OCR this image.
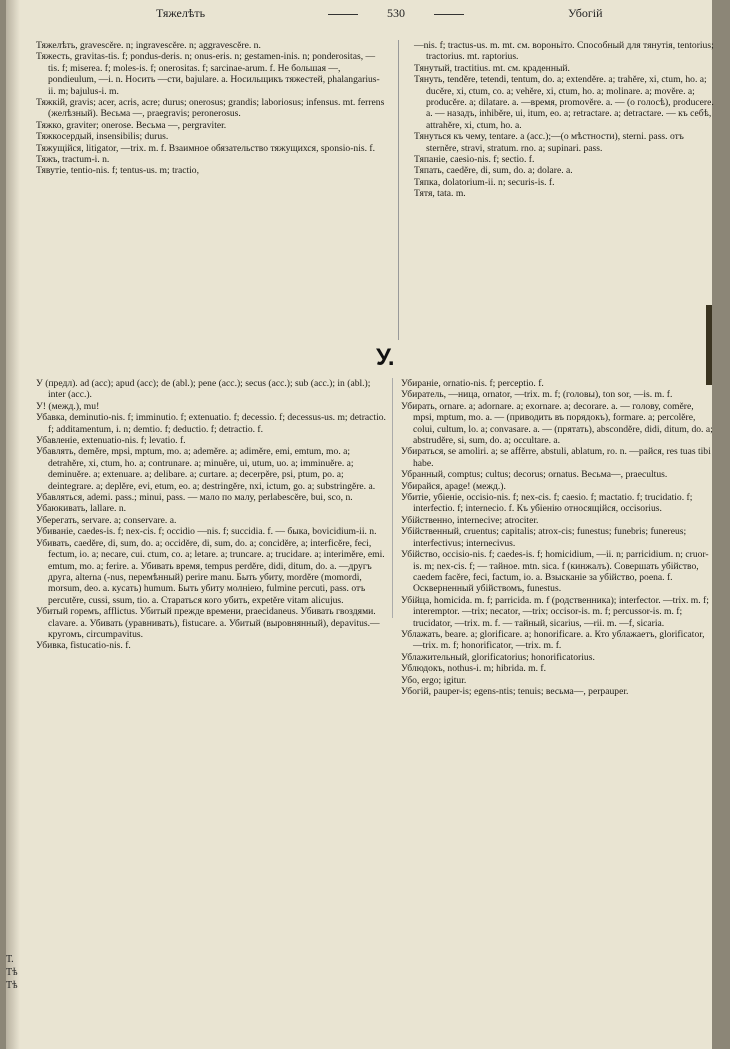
Тяжелѣть	530	Убогій

Тяжелѣть, gravescĕre. n; ingravescĕre. n; aggravescĕre. n.

Тяжесть, gravitas-tis. f; pondus-deris. n; onus-eris. n; gestamen-inis. n; ponderositas, —tis. f; miserea. f; moles-is. f; onerositas. f; sarcinae-arum. f. Не большая —, pondieulum, —i. n. Носить —сти, bajulare. a. Носильщикъ тяжестей, phalangarius-ii. m; bajulus-i. m.

Тяжкій, gravis; acer, acris, acre; durus; onerosus; grandis; laboriosus; infensus. mt. ferrens (желѣзный). Весьма —, praegravis; peronerosus.

Тяжко, graviter; onerose. Весьма —, pergraviter.

Тяжкосердый, insensibilis; durus.

Тяжущійся, litigator, —trix. m. f. Взаимное обязательство тяжущихся, sponsio-nis. f.

Тяжъ, tractum-i. n.

Тявутіе, tentio-nis. f; tentus-us. m; tractio,

—nis. f; tractus-us. m. mt. см. вороньіто. Способный для тянутія, tentorius; tractorius. mt. raptorius.

Тянутый, tractitius. mt. см. краденный.

Тянуть, tendĕre, tetendi, tentum, do. a; extendĕre. a; trahĕre, xi, ctum, ho. a; ducĕre, xi, ctum, co. a; vehĕre, xi, ctum, ho. a; molinare. a; movĕre. a; producĕre. a; dilatare. a. —время, promovĕre. a. — (о голосѣ), producere. a. — назадъ, inhibĕre, ui, itum, eo. a; retractare. a; detractare. — къ себѣ, attrahĕre, xi, ctum, ho. a.

Тянуться къ чему, tentare. a (acc.);—(о мѣстности), sterni. pass. отъ sternĕre, stravi, stratum. rno. a; supinari. pass.

Тяпаніе, caesio-nis. f; sectio. f.

Тяпать, caedĕre, di, sum, do. a; dolare. a.

Тяпка, dolatorium-ii. n; securis-is. f.

Тятя, tata. m.

У.

У (предл). ad (acc); apud (acc); de (abl.); pene (acc.); secus (acc.); sub (acc.); in (abl.); inter (acc.).

У! (межд.), mu!

Убавка, deminutio-nis. f; imminutio. f; extenuatio. f; decessio. f; decessus-us. m; detractio. f; additamentum, i. n; demtio. f; deductio. f; detractio. f.

Убавленіе, extenuatio-nis. f; levatio. f.

Убавлять, demĕre, mpsi, mptum, mo. a; ademĕre. a; adimĕre, emi, emtum, mo. a; detrahĕre, xi, ctum, ho. a; contrunare. a; minuĕre, ui, utum, uo. a; imminuĕre. a; deminuĕre. a; extenuare. a; delibare. a; curtare. a; decerpĕre, psi, ptum, po. a; deintegrare. a; deplĕre, evi, etum, eo. a; destringĕre, nxi, ictum, go. a; substringĕre. a.

Убавляться, ademi. pass.; minui, pass. — мало по малу, perlabescĕre, bui, sco, n.

Убаюкивать, lallare. n.

Уберегать, servare. a; conservare. a.

Убиваніе, caedes-is. f; nex-cis. f; occidio —nis. f; succidia. f. — быка, bovicidium-ii. n.

Убивать, caedĕre, di, sum, do. a; occidĕre, di, sum, do. a; concidĕre, a; interficĕre, feci, fectum, io. a; necare, cui. ctum, co. a; letare. a; truncare. a; trucidare. a; interimĕre, emi. emtum, mo. a; ferire. a. Убивать время, tempus perdĕre, didi, ditum, do. a. —другъ друга, alterna (-nus, перемѣнный) perire manu. Быть убиту, mordĕre (momordi, morsum, deo. a. кусать) humum. Быть убиту молніею, fulmine percuti, pass. отъ percutĕre, cussi, ssum, tio. a. Стараться кого убить, expetĕre vitam alicujus.

Убитый горемъ, afflictus. Убитый прежде времени, praecidaneus. Убивать гвоздями. clavare. a. Убивать (уравнивать), fistucare. a. Убитый (выровнянный), depavitus.—кругомъ, circumpavitus.

Убивка, fistucatio-nis. f.

Убираніе, ornatio-nis. f; perceptio. f.

Убиратель, —ница, ornator, —trix. m. f; (головы), ton sor, —is. m. f.

Убирать, ornare. a; adornare. a; exornare. a; decorare. a. — голову, comĕre, mpsi, mptum, mo. a. — (приводить въ порядокъ), formare. a; percolĕre, colui, cultum, lo. a; convasare. a. — (прятать), abscondĕre, didi, ditum, do. a; abstrudĕre, si, sum, do. a; occultare. a.

Убираться, se amoliri. a; se affĕrre, abstuli, ablatum, ro. n. —райся, res tuas tibi habe.

Убранный, comptus; cultus; decorus; ornatus. Весьма—, praecultus.

Убирайся, apage! (межд.).

Убитіе, убіеніе, occisio-nis. f; nex-cis. f; caesio. f; mactatio. f; trucidatio. f; interfectio. f; internecio. f. Къ убіенію относящійся, occisorius.

Убійственно, internecive; atrociter.

Убійственный, cruentus; capitalis; atrox-cis; funestus; funebris; funereus; interfectivus; internecivus.

Убійство, occisio-nis. f; caedes-is. f; homicidium, —ii. n; parricidium. n; cruor-is. m; nex-cis. f; — тайное. mtn. sica. f (кинжалъ). Совершать убійство, caedem facĕre, feci, factum, io. a. Взысканіе за убійство, poena. f. Оскверненный убійствомъ, funestus.

Убійца, homicida. m. f; parricida. m. f (родственника); interfector. —trix. m. f; interemptor. —trix; necator, —trix; occisor-is. m. f; percussor-is. m. f; trucidator, —trix. m. f. — тайный, sicarius, —rii. m. —f, sicaria.

Ублажать, beare. a; glorificare. a; honorificare. a. Кто ублажаетъ, glorificator, —trix. m. f; honorificator, —trix. m. f.

Ублажительный, glorificatorius; honorificatorius.

Ублюдокъ, nothus-i. m; hibrida. m. f.

Убо, ergo; igitur.

Убогій, pauper-is; egens-ntis; tenuis; весьма—, perpauper.

Т.
Тѣ
Тѣ
